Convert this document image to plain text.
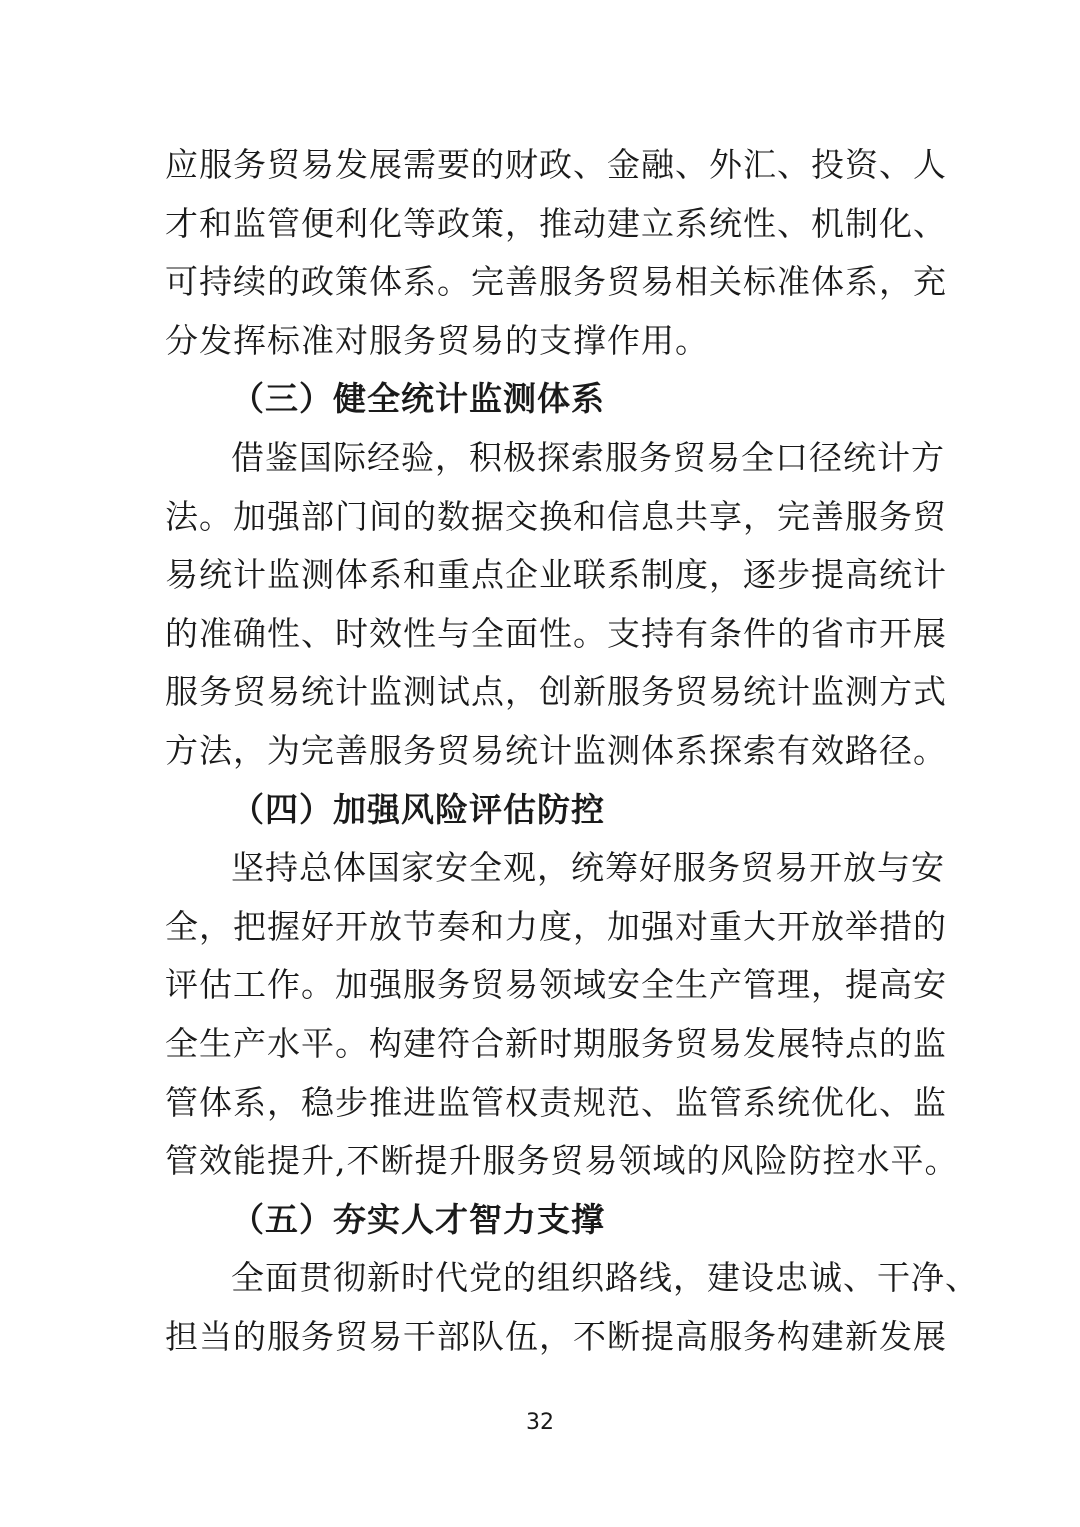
应服务贸易发展需要的财政、金融、外汇、投资、人
才和监管便利化等政策，推动建立系统性、机制化、
可持续的政策体系。完善服务贸易相关标准体系，充
分发挥标准对服务贸易的支撑作用。
（三）健全统计监测体系
借鉴国际经验，积极探索服务贸易全口径统计方
法。加强部门间的数据交换和信息共享，完善服务贸
易统计监测体系和重点企业联系制度，逐步提高统计
的准确性、时效性与全面性。支持有条件的省市开展
服务贸易统计监测试点，创新服务贸易统计监测方式
方法，为完善服务贸易统计监测体系探索有效路径。
（四）加强风险评估防控
坚持总体国家安全观，统筹好服务贸易开放与安
全，把握好开放节奏和力度，加强对重大开放举措的
评估工作。加强服务贸易领域安全生产管理，提高安
全生产水平。构建符合新时期服务贸易发展特点的监
管体系，稳步推进监管权责规范、监管系统优化、监
管效能提升,不断提升服务贸易领域的风险防控水平。
（五）夯实人才智力支撑
全面贯彻新时代党的组织路线，建设忠诚、干净、
担当的服务贸易干部队伍，不断提高服务构建新发展
32
